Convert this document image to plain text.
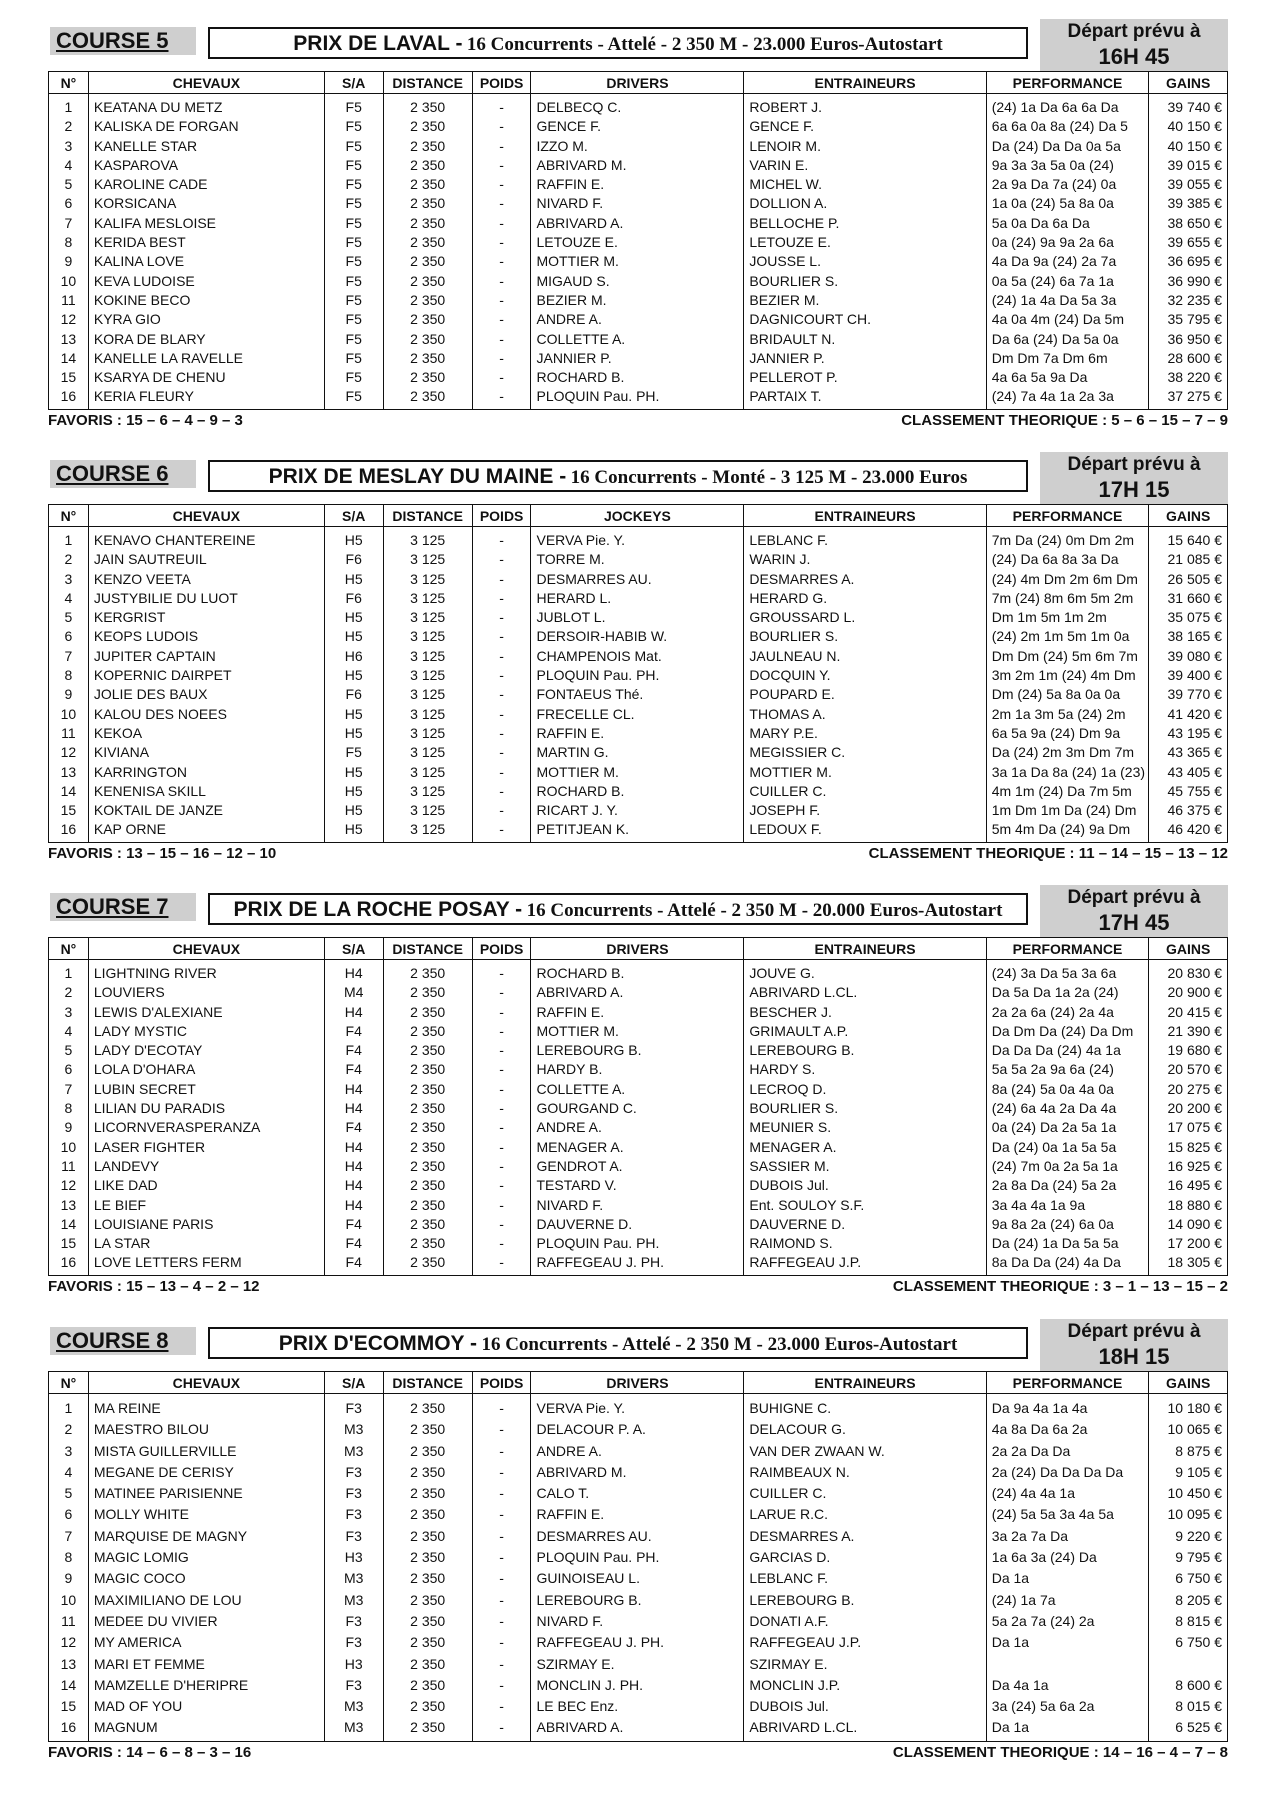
COURSE 5	PRIX DE LAVAL - 16 Concurrents - Attelé - 2 350 M - 23.000 Euros-Autostart
Départ prévu à
16H 45
N°	CHEVAUX	S/A	DISTANCE	POIDS	DRIVERS	ENTRAINEURS	PERFORMANCE	GAINS
1	KEATANA DU METZ	F5	2 350	-	DELBECQ C.	ROBERT J.	(24) 1a Da 6a 6a Da	39 740 €
2	KALISKA DE FORGAN	F5	2 350	-	GENCE F.	GENCE F.	6a 6a 0a 8a (24) Da 5	40 150 €
3	KANELLE STAR	F5	2 350	-	IZZO M.	LENOIR M.	Da (24) Da Da 0a 5a	40 150 €
4	KASPAROVA	F5	2 350	-	ABRIVARD M.	VARIN E.	9a 3a 3a 5a 0a (24)	39 015 €
5	KAROLINE CADE	F5	2 350	-	RAFFIN E.	MICHEL W.	2a 9a Da 7a (24) 0a	39 055 €
6	KORSICANA	F5	2 350	-	NIVARD F.	DOLLION A.	1a 0a (24) 5a 8a 0a	39 385 €
7	KALIFA MESLOISE	F5	2 350	-	ABRIVARD A.	BELLOCHE P.	5a 0a Da 6a Da	38 650 €
8	KERIDA BEST	F5	2 350	-	LETOUZE E.	LETOUZE E.	0a (24) 9a 9a 2a 6a	39 655 €
9	KALINA LOVE	F5	2 350	-	MOTTIER M.	JOUSSE L.	4a Da 9a (24) 2a 7a	36 695 €
10	KEVA LUDOISE	F5	2 350	-	MIGAUD S.	BOURLIER S.	0a 5a (24) 6a 7a 1a	36 990 €
11	KOKINE BECO	F5	2 350	-	BEZIER M.	BEZIER M.	(24) 1a 4a Da 5a 3a	32 235 €
12	KYRA GIO	F5	2 350	-	ANDRE A.	DAGNICOURT CH.	4a 0a 4m (24) Da 5m	35 795 €
13	KORA DE BLARY	F5	2 350	-	COLLETTE A.	BRIDAULT N.	Da 6a (24) Da 5a 0a	36 950 €
14	KANELLE LA RAVELLE	F5	2 350	-	JANNIER P.	JANNIER P.	Dm Dm 7a Dm 6m	28 600 €
15	KSARYA DE CHENU	F5	2 350	-	ROCHARD B.	PELLEROT P.	4a 6a 5a 9a Da	38 220 €
16	KERIA FLEURY	F5	2 350	-	PLOQUIN Pau. PH.	PARTAIX T.	(24) 7a 4a 1a 2a 3a	37 275 €
FAVORIS : 15 – 6 – 4 – 9 – 3	CLASSEMENT THEORIQUE : 5 – 6 – 15 – 7 – 9
COURSE 6	PRIX DE MESLAY DU MAINE - 16 Concurrents - Monté - 3 125 M - 23.000 Euros
Départ prévu à
17H 15
N°	CHEVAUX	S/A	DISTANCE	POIDS	JOCKEYS	ENTRAINEURS	PERFORMANCE	GAINS
1	KENAVO CHANTEREINE	H5	3 125	-	VERVA Pie. Y.	LEBLANC F.	7m Da (24) 0m Dm 2m	15 640 €
2	JAIN SAUTREUIL	F6	3 125	-	TORRE M.	WARIN J.	(24) Da 6a 8a 3a Da	21 085 €
3	KENZO VEETA	H5	3 125	-	DESMARRES AU.	DESMARRES A.	(24) 4m Dm 2m 6m Dm	26 505 €
4	JUSTYBILIE DU LUOT	F6	3 125	-	HERARD L.	HERARD G.	7m (24) 8m 6m 5m 2m	31 660 €
5	KERGRIST	H5	3 125	-	JUBLOT L.	GROUSSARD L.	Dm 1m 5m 1m 2m	35 075 €
6	KEOPS LUDOIS	H5	3 125	-	DERSOIR-HABIB W.	BOURLIER S.	(24) 2m 1m 5m 1m 0a	38 165 €
7	JUPITER CAPTAIN	H6	3 125	-	CHAMPENOIS Mat.	JAULNEAU N.	Dm Dm (24) 5m 6m 7m	39 080 €
8	KOPERNIC DAIRPET	H5	3 125	-	PLOQUIN Pau. PH.	DOCQUIN Y.	3m 2m 1m (24) 4m Dm	39 400 €
9	JOLIE DES BAUX	F6	3 125	-	FONTAEUS Thé.	POUPARD E.	Dm (24) 5a 8a 0a 0a	39 770 €
10	KALOU DES NOEES	H5	3 125	-	FRECELLE CL.	THOMAS A.	2m 1a 3m 5a (24) 2m	41 420 €
11	KEKOA	H5	3 125	-	RAFFIN E.	MARY P.E.	6a 5a 9a (24) Dm 9a	43 195 €
12	KIVIANA	F5	3 125	-	MARTIN G.	MEGISSIER C.	Da (24) 2m 3m Dm 7m	43 365 €
13	KARRINGTON	H5	3 125	-	MOTTIER M.	MOTTIER M.	3a 1a Da 8a (24) 1a (23)	43 405 €
14	KENENISA SKILL	H5	3 125	-	ROCHARD B.	CUILLER C.	4m 1m (24) Da 7m 5m	45 755 €
15	KOKTAIL DE JANZE	H5	3 125	-	RICART J. Y.	JOSEPH F.	1m Dm 1m Da (24) Dm	46 375 €
16	KAP ORNE	H5	3 125	-	PETITJEAN K.	LEDOUX F.	5m 4m Da (24) 9a Dm	46 420 €
FAVORIS : 13 – 15 – 16 – 12 – 10	CLASSEMENT THEORIQUE : 11 – 14 – 15 – 13 – 12
COURSE 7	PRIX DE LA ROCHE POSAY - 16 Concurrents - Attelé - 2 350 M - 20.000 Euros-Autostart
Départ prévu à
17H 45
N°	CHEVAUX	S/A	DISTANCE	POIDS	DRIVERS	ENTRAINEURS	PERFORMANCE	GAINS
1	LIGHTNING RIVER	H4	2 350	-	ROCHARD B.	JOUVE G.	(24) 3a Da 5a 3a 6a	20 830 €
2	LOUVIERS	M4	2 350	-	ABRIVARD A.	ABRIVARD L.CL.	Da 5a Da 1a 2a (24)	20 900 €
3	LEWIS D'ALEXIANE	H4	2 350	-	RAFFIN E.	BESCHER J.	2a 2a 6a (24) 2a 4a	20 415 €
4	LADY MYSTIC	F4	2 350	-	MOTTIER M.	GRIMAULT A.P.	Da Dm Da (24) Da Dm	21 390 €
5	LADY D'ECOTAY	F4	2 350	-	LEREBOURG B.	LEREBOURG B.	Da Da Da (24) 4a 1a	19 680 €
6	LOLA D'OHARA	F4	2 350	-	HARDY B.	HARDY S.	5a 5a 2a 9a 6a (24)	20 570 €
7	LUBIN SECRET	H4	2 350	-	COLLETTE A.	LECROQ D.	8a (24) 5a 0a 4a 0a	20 275 €
8	LILIAN DU PARADIS	H4	2 350	-	GOURGAND C.	BOURLIER S.	(24) 6a 4a 2a Da 4a	20 200 €
9	LICORNVERASPERANZA	F4	2 350	-	ANDRE A.	MEUNIER S.	0a (24) Da 2a 5a 1a	17 075 €
10	LASER FIGHTER	H4	2 350	-	MENAGER A.	MENAGER A.	Da (24) 0a 1a 5a 5a	15 825 €
11	LANDEVY	H4	2 350	-	GENDROT A.	SASSIER M.	(24) 7m 0a 2a 5a 1a	16 925 €
12	LIKE DAD	H4	2 350	-	TESTARD V.	DUBOIS Jul.	2a 8a Da (24) 5a 2a	16 495 €
13	LE BIEF	H4	2 350	-	NIVARD F.	Ent. SOULOY S.F.	3a 4a 4a 1a 9a	18 880 €
14	LOUISIANE PARIS	F4	2 350	-	DAUVERNE D.	DAUVERNE D.	9a 8a 2a (24) 6a 0a	14 090 €
15	LA STAR	F4	2 350	-	PLOQUIN Pau. PH.	RAIMOND S.	Da (24) 1a Da 5a 5a	17 200 €
16	LOVE LETTERS FERM	F4	2 350	-	RAFFEGEAU J. PH.	RAFFEGEAU J.P.	8a Da Da (24) 4a Da	18 305 €
FAVORIS : 15 – 13 – 4 – 2 – 12	CLASSEMENT THEORIQUE : 3 – 1 – 13 – 15 – 2
COURSE 8	PRIX D'ECOMMOY - 16 Concurrents - Attelé - 2 350 M - 23.000 Euros-Autostart
Départ prévu à
18H 15
N°	CHEVAUX	S/A	DISTANCE	POIDS	DRIVERS	ENTRAINEURS	PERFORMANCE	GAINS
1	MA REINE	F3	2 350	-	VERVA Pie. Y.	BUHIGNE C.	Da 9a 4a 1a 4a	10 180 €
2	MAESTRO BILOU	M3	2 350	-	DELACOUR P. A.	DELACOUR G.	4a 8a Da 6a 2a	10 065 €
3	MISTA GUILLERVILLE	M3	2 350	-	ANDRE A.	VAN DER ZWAAN W.	2a 2a Da Da	8 875 €
4	MEGANE DE CERISY	F3	2 350	-	ABRIVARD M.	RAIMBEAUX N.	2a (24) Da Da Da Da	9 105 €
5	MATINEE PARISIENNE	F3	2 350	-	CALO T.	CUILLER C.	(24) 4a 4a 1a	10 450 €
6	MOLLY WHITE	F3	2 350	-	RAFFIN E.	LARUE R.C.	(24) 5a 5a 3a 4a 5a	10 095 €
7	MARQUISE DE MAGNY	F3	2 350	-	DESMARRES AU.	DESMARRES A.	3a 2a 7a Da	9 220 €
8	MAGIC LOMIG	H3	2 350	-	PLOQUIN Pau. PH.	GARCIAS D.	1a 6a 3a (24) Da	9 795 €
9	MAGIC COCO	M3	2 350	-	GUINOISEAU L.	LEBLANC F.	Da 1a	6 750 €
10	MAXIMILIANO DE LOU	M3	2 350	-	LEREBOURG B.	LEREBOURG B.	(24) 1a 7a	8 205 €
11	MEDEE DU VIVIER	F3	2 350	-	NIVARD F.	DONATI A.F.	5a 2a 7a (24) 2a	8 815 €
12	MY AMERICA	F3	2 350	-	RAFFEGEAU J. PH.	RAFFEGEAU J.P.	Da 1a	6 750 €
13	MARI ET FEMME	H3	2 350	-	SZIRMAY E.	SZIRMAY E.		
14	MAMZELLE D'HERIPRE	F3	2 350	-	MONCLIN J. PH.	MONCLIN J.P.	Da 4a 1a	8 600 €
15	MAD OF YOU	M3	2 350	-	LE BEC Enz.	DUBOIS Jul.	3a (24) 5a 6a 2a	8 015 €
16	MAGNUM	M3	2 350	-	ABRIVARD A.	ABRIVARD L.CL.	Da 1a	6 525 €
FAVORIS : 14 – 6 – 8 – 3 – 16	CLASSEMENT THEORIQUE : 14 – 16 – 4 – 7 – 8
